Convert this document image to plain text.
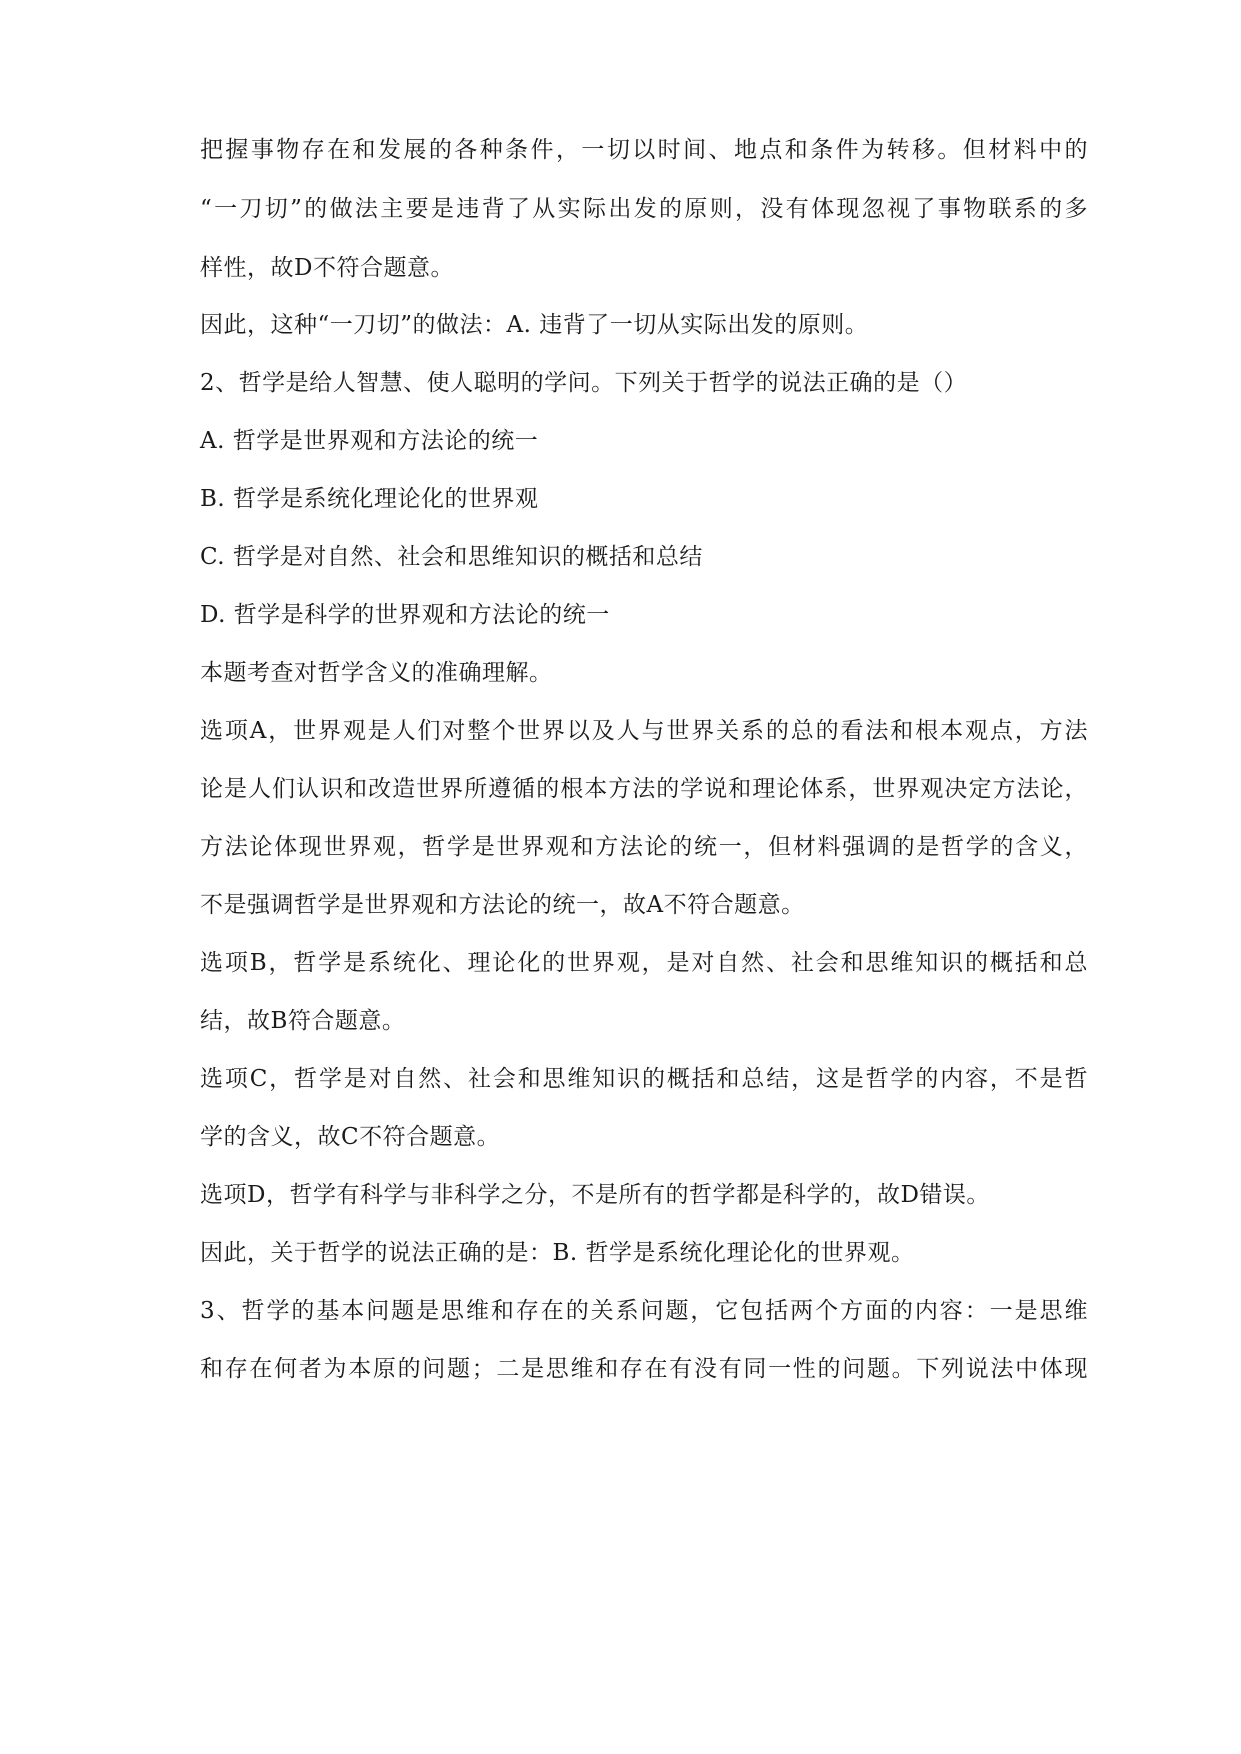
把握事物存在和发展的各种条件，一切以时间、地点和条件为转移。但材料中的
“一刀切”的做法主要是违背了从实际出发的原则，没有体现忽视了事物联系的多
样性，故D不符合题意。
因此，这种“一刀切”的做法：A. 违背了一切从实际出发的原则。
2、哲学是给人智慧、使人聪明的学问。下列关于哲学的说法正确的是（）
A. 哲学是世界观和方法论的统一
B. 哲学是系统化理论化的世界观
C. 哲学是对自然、社会和思维知识的概括和总结
D. 哲学是科学的世界观和方法论的统一
本题考查对哲学含义的准确理解。
选项A，世界观是人们对整个世界以及人与世界关系的总的看法和根本观点，方法
论是人们认识和改造世界所遵循的根本方法的学说和理论体系，世界观决定方法论，
方法论体现世界观，哲学是世界观和方法论的统一，但材料强调的是哲学的含义，
不是强调哲学是世界观和方法论的统一，故A不符合题意。
选项B，哲学是系统化、理论化的世界观，是对自然、社会和思维知识的概括和总
结，故B符合题意。
选项C，哲学是对自然、社会和思维知识的概括和总结，这是哲学的内容，不是哲
学的含义，故C不符合题意。
选项D，哲学有科学与非科学之分，不是所有的哲学都是科学的，故D错误。
因此，关于哲学的说法正确的是：B. 哲学是系统化理论化的世界观。
3、哲学的基本问题是思维和存在的关系问题，它包括两个方面的内容：一是思维
和存在何者为本原的问题；二是思维和存在有没有同一性的问题。下列说法中体现
